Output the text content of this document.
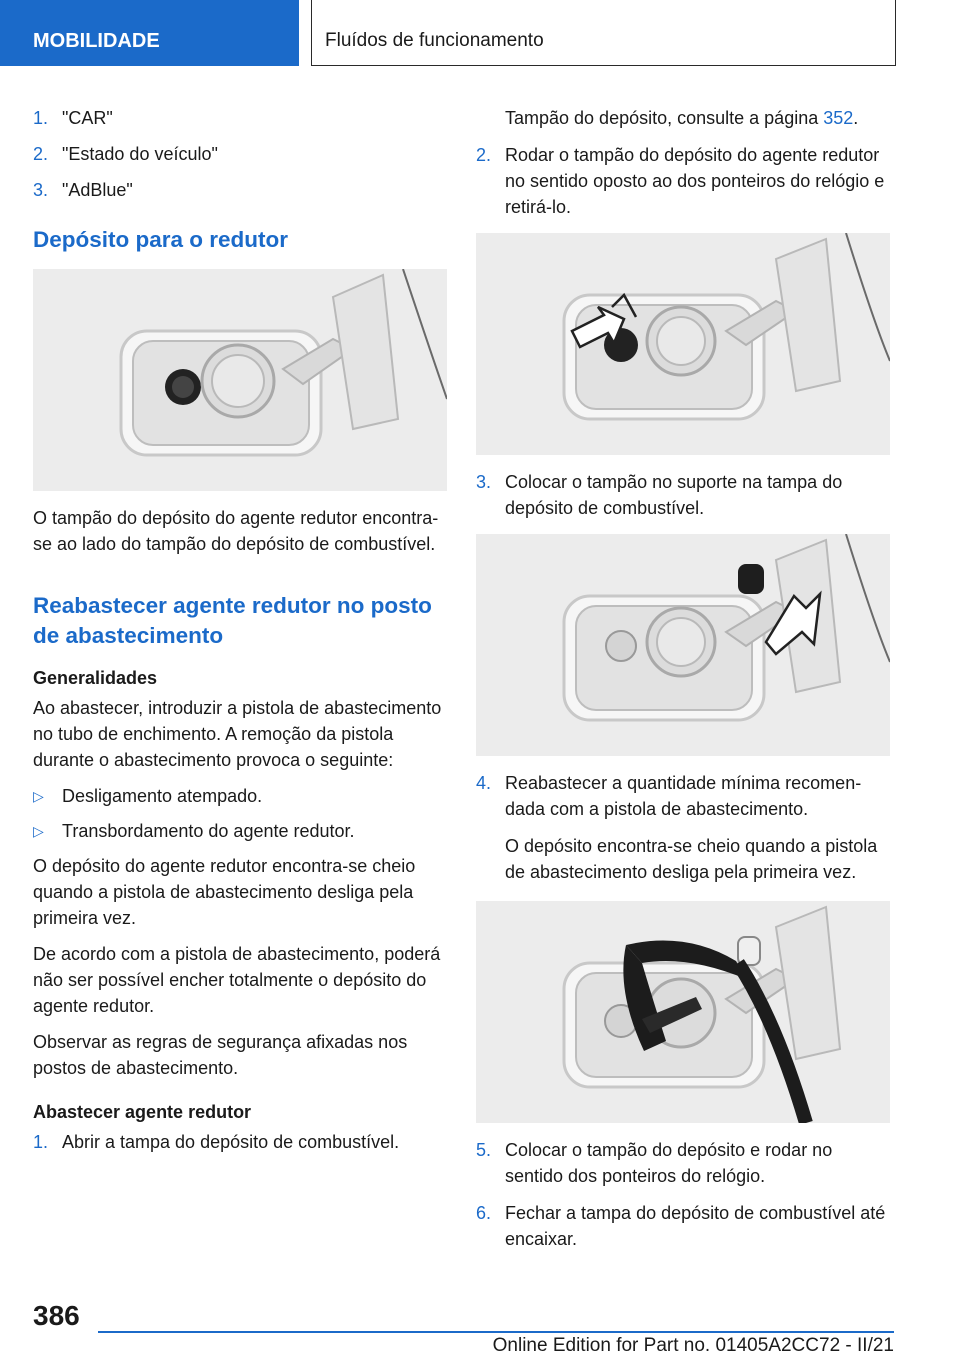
MOBILIDADE	Fluídos de funcionamento
1. "CAR"
2. "Estado do veículo"
3. "AdBlue"
Depósito para o redutor

O tampão do depósito do agente redutor encontra-se ao lado do tampão do depósito de combustível.

Reabastecer agente redutor no posto de abastecimento
Generalidades

Ao abastecer, introduzir a pistola de abastecimento no tubo de enchimento. A remoção da pistola durante o abastecimento provoca o seguinte:

▷ Desligamento atempado.
▷ Transbordamento do agente redutor.

O depósito do agente redutor encontra-se cheio quando a pistola de abastecimento desliga pela primeira vez.

De acordo com a pistola de abastecimento, poderá não ser possível encher totalmente o depósito do agente redutor.

Observar as regras de segurança afixadas nos postos de abastecimento.

Abastecer agente redutor
1. Abrir a tampa do depósito de combustível.

Tampão do depósito, consulte a página 352.

2. Rodar o tampão do depósito do agente redutor no sentido oposto ao dos ponteiros do relógio e retirá-lo.
3. Colocar o tampão no suporte na tampa do depósito de combustível.
4. Reabastecer a quantidade mínima recomendada com a pistola de abastecimento.

O depósito encontra-se cheio quando a pistola de abastecimento desliga pela primeira vez.

5. Colocar o tampão do depósito e rodar no sentido dos ponteiros do relógio.
6. Fechar a tampa do depósito de combustível até encaixar.
386
Online Edition for Part no. 01405A2CC72 - II/21
